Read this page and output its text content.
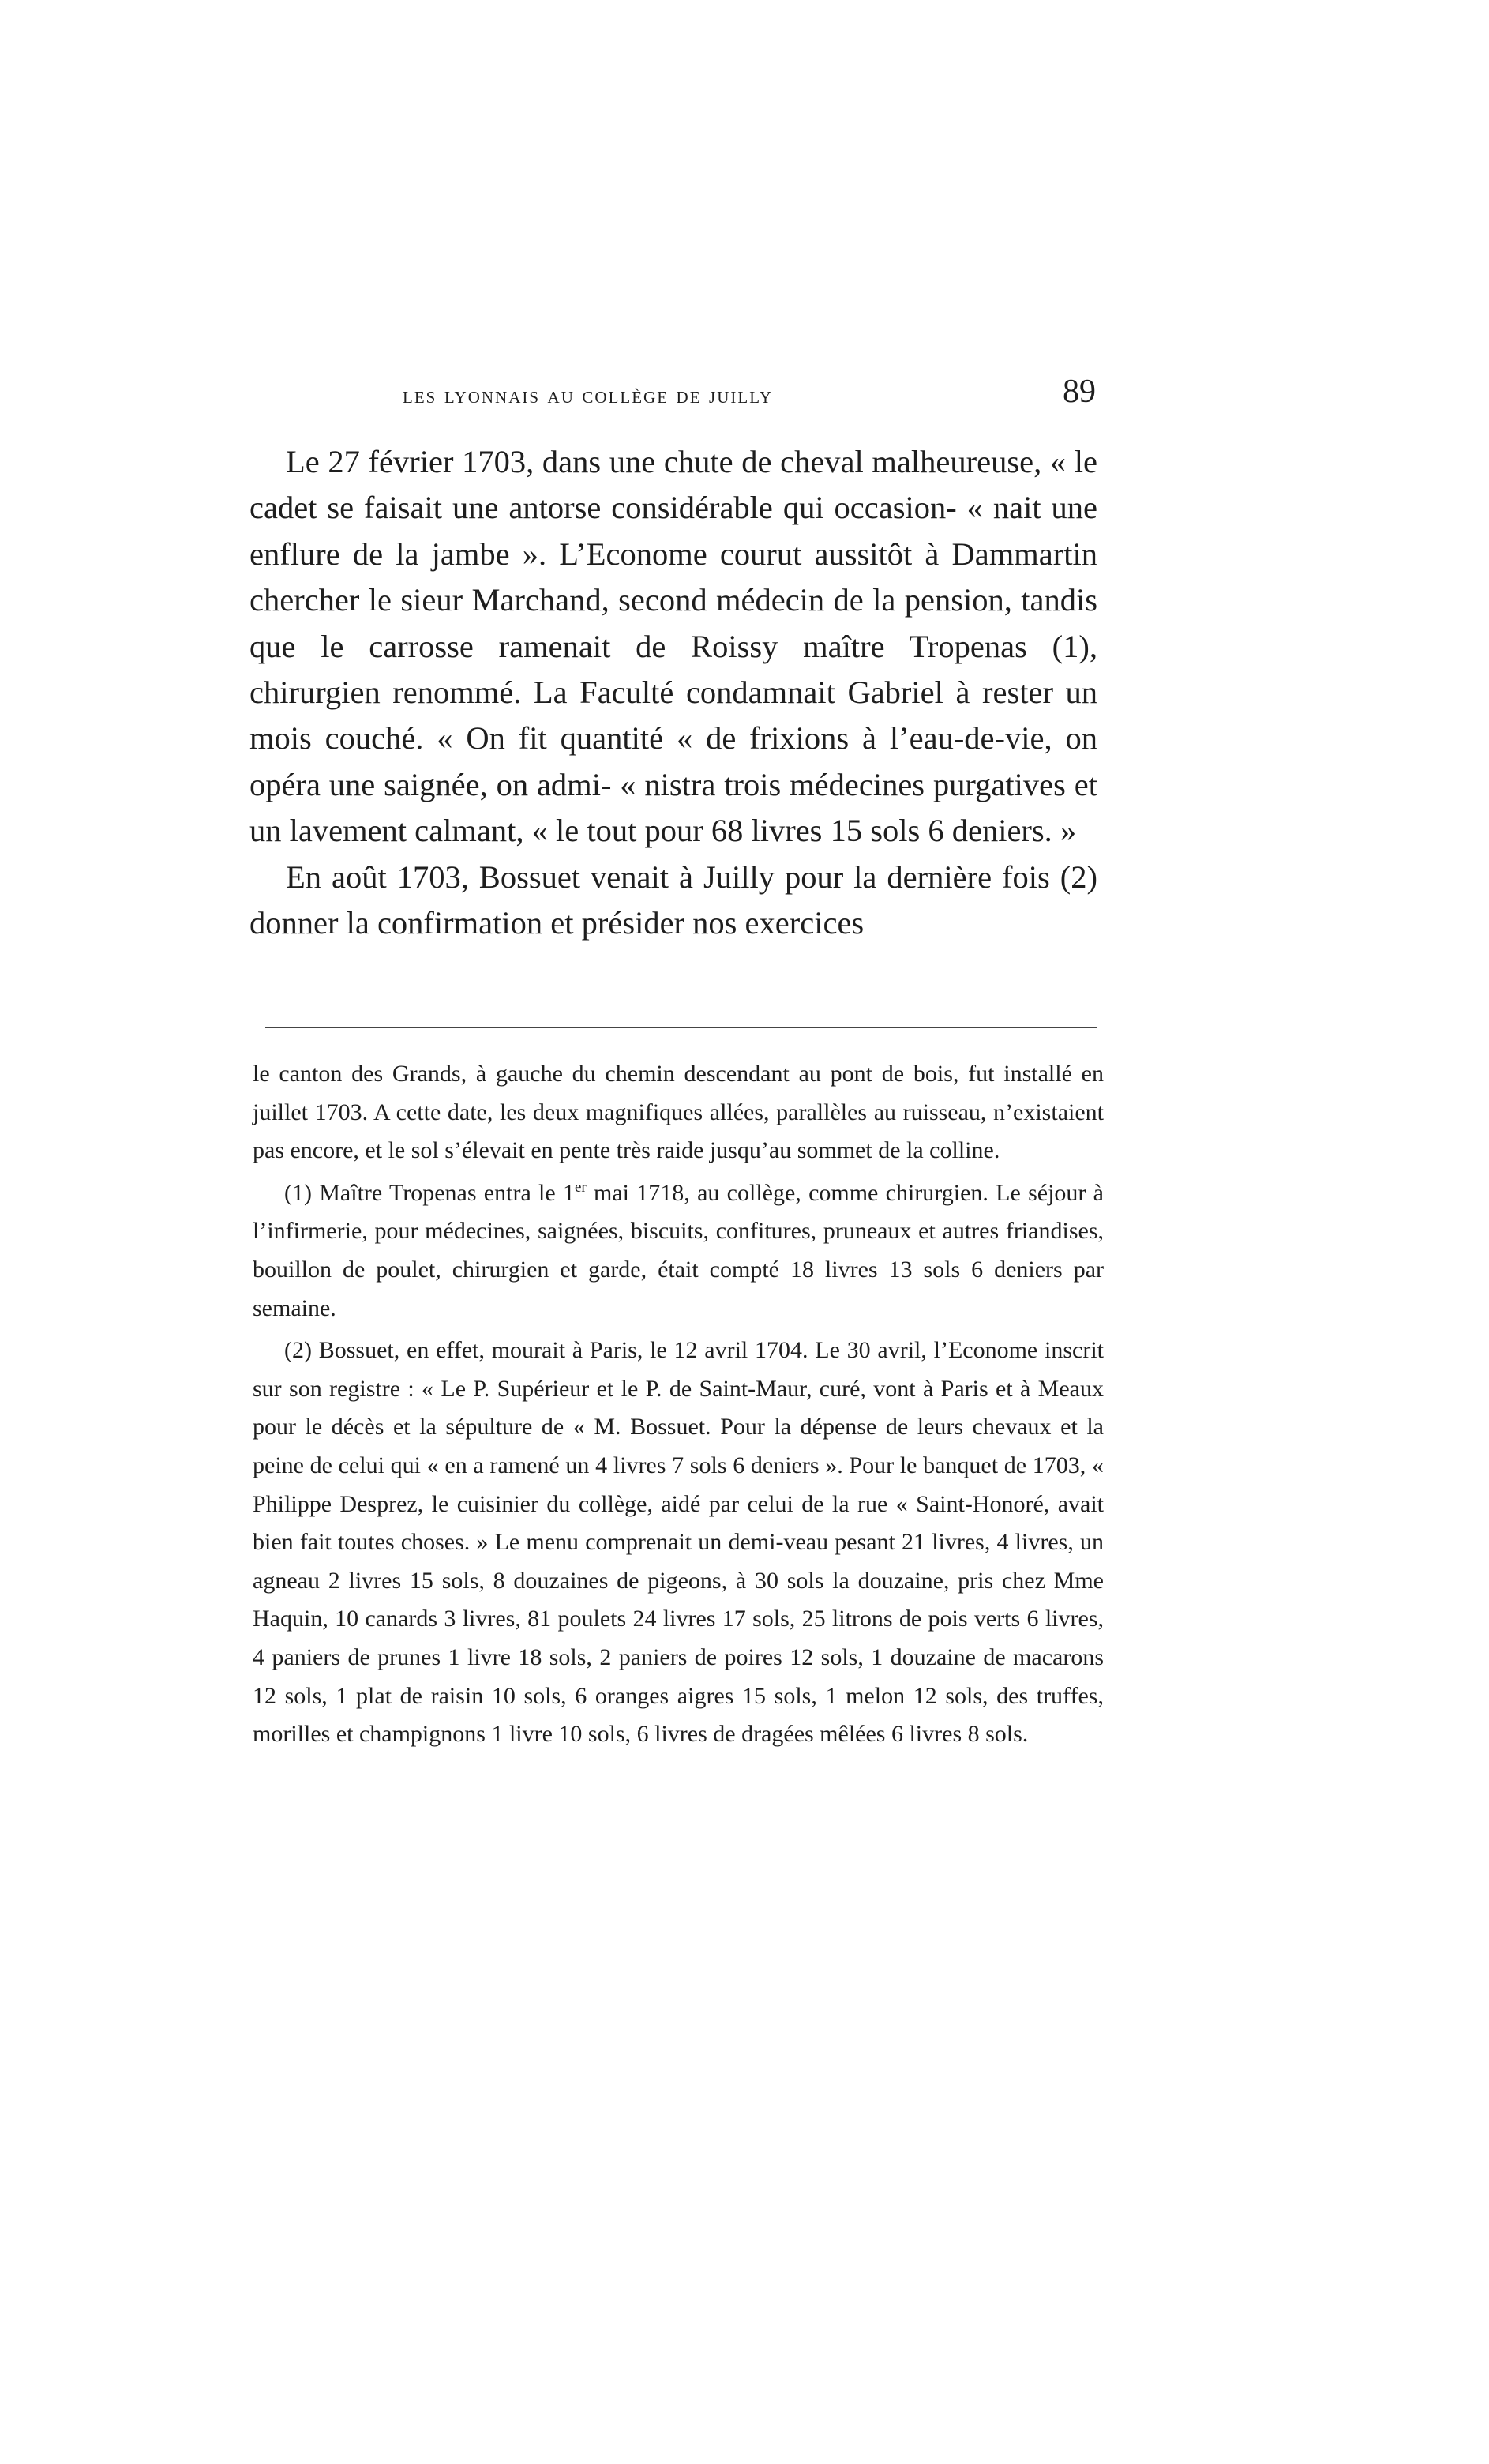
les lyonnais au collège de juilly	89

Le 27 février 1703, dans une chute de cheval malheureuse, « le cadet se faisait une antorse considérable qui occasion- « nait une enflure de la jambe ». L’Econome courut aussitôt à Dammartin chercher le sieur Marchand, second médecin de la pension, tandis que le carrosse ramenait de Roissy maître Tropenas (1), chirurgien renommé. La Faculté condamnait Gabriel à rester un mois couché. « On fit quantité « de frixions à l’eau-de-vie, on opéra une saignée, on admi- « nistra trois médecines purgatives et un lavement calmant, « le tout pour 68 livres 15 sols 6 deniers. »

En août 1703, Bossuet venait à Juilly pour la dernière fois (2) donner la confirmation et présider nos exercices

le canton des Grands, à gauche du chemin descendant au pont de bois, fut installé en juillet 1703. A cette date, les deux magnifiques allées, parallèles au ruisseau, n’existaient pas encore, et le sol s’élevait en pente très raide jusqu’au sommet de la colline.

(1) Maître Tropenas entra le 1er mai 1718, au collège, comme chirurgien. Le séjour à l’infirmerie, pour médecines, saignées, biscuits, confitures, pruneaux et autres friandises, bouillon de poulet, chirurgien et garde, était compté 18 livres 13 sols 6 deniers par semaine.

(2) Bossuet, en effet, mourait à Paris, le 12 avril 1704. Le 30 avril, l’Econome inscrit sur son registre : « Le P. Supérieur et le P. de Saint-Maur, curé, vont à Paris et à Meaux pour le décès et la sépulture de « M. Bossuet. Pour la dépense de leurs chevaux et la peine de celui qui « en a ramené un 4 livres 7 sols 6 deniers ». Pour le banquet de 1703, « Philippe Desprez, le cuisinier du collège, aidé par celui de la rue « Saint-Honoré, avait bien fait toutes choses. » Le menu comprenait un demi-veau pesant 21 livres, 4 livres, un agneau 2 livres 15 sols, 8 douzaines de pigeons, à 30 sols la douzaine, pris chez Mme Haquin, 10 canards 3 livres, 81 poulets 24 livres 17 sols, 25 litrons de pois verts 6 livres, 4 paniers de prunes 1 livre 18 sols, 2 paniers de poires 12 sols, 1 douzaine de macarons 12 sols, 1 plat de raisin 10 sols, 6 oranges aigres 15 sols, 1 melon 12 sols, des truffes, morilles et champignons 1 livre 10 sols, 6 livres de dragées mêlées 6 livres 8 sols.
